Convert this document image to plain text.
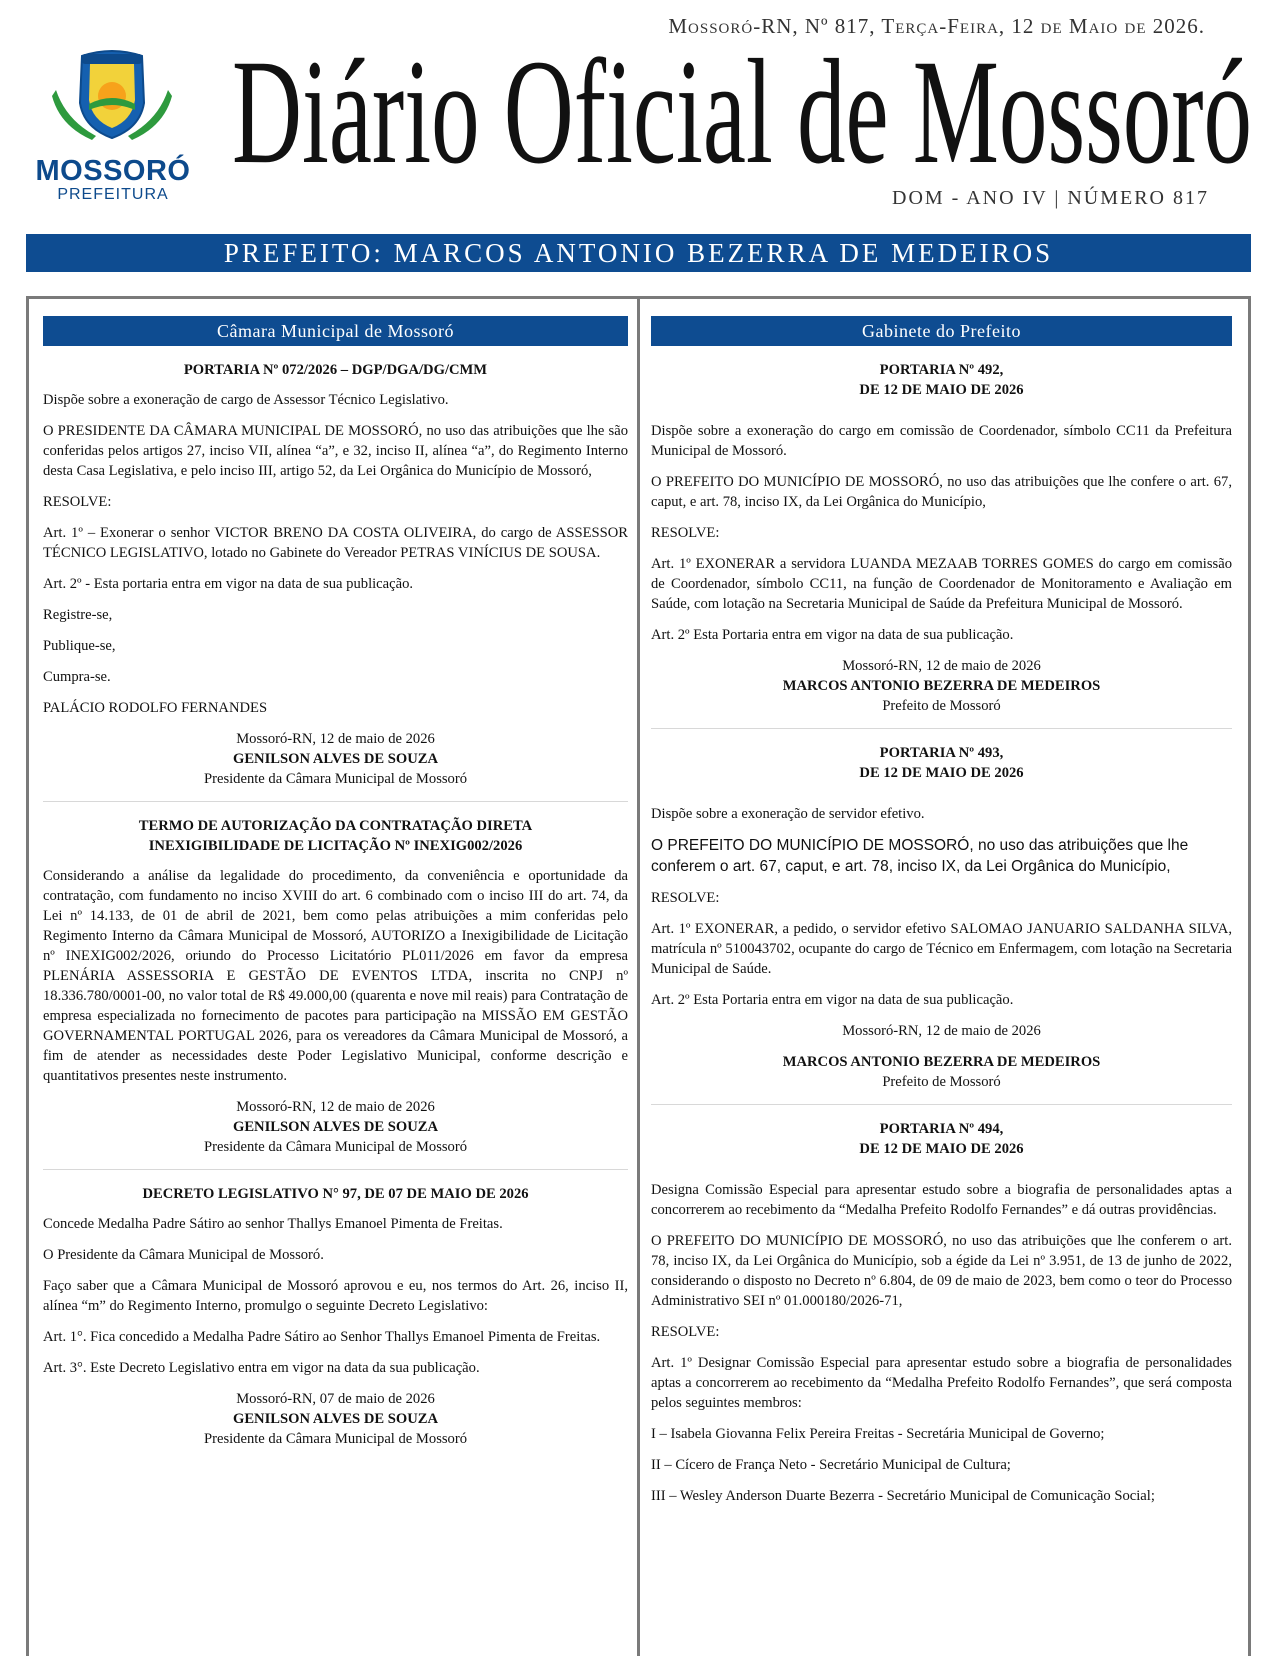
Mossoró-RN, Nº 817, Terça-Feira, 12 de Maio de 2026.
MOSSORÓ
PREFEITURA Diário Oficial de Mossoró
DOM - ANO IV | NÚMERO 817
PREFEITO: MARCOS ANTONIO BEZERRA DE MEDEIROS
Câmara Municipal de Mossoró

PORTARIA Nº 072/2026 – DGP/DGA/DG/CMM

Dispõe sobre a exoneração de cargo de Assessor Técnico Legislativo.

O PRESIDENTE DA CÂMARA MUNICIPAL DE MOSSORÓ, no uso das atribuições que lhe são conferidas pelos artigos 27, inciso VII, alínea “a”, e 32, inciso II, alínea “a”, do Regimento Interno desta Casa Legislativa, e pelo inciso III, artigo 52, da Lei Orgânica do Município de Mossoró,

RESOLVE:

Art. 1º – Exonerar o senhor VICTOR BRENO DA COSTA OLIVEIRA, do cargo de ASSESSOR TÉCNICO LEGISLATIVO, lotado no Gabinete do Vereador PETRAS VINÍCIUS DE SOUSA.

Art. 2º - Esta portaria entra em vigor na data de sua publicação.

Registre-se,

Publique-se,

Cumpra-se.

PALÁCIO RODOLFO FERNANDES

Mossoró-RN, 12 de maio de 2026

GENILSON ALVES DE SOUZA

Presidente da Câmara Municipal de Mossoró

TERMO DE AUTORIZAÇÃO DA CONTRATAÇÃO DIRETA

INEXIGIBILIDADE DE LICITAÇÃO Nº INEXIG002/2026

Considerando a análise da legalidade do procedimento, da conveniência e oportunidade da contratação, com fundamento no inciso XVIII do art. 6 combinado com o inciso III do art. 74, da Lei nº 14.133, de 01 de abril de 2021, bem como pelas atribuições a mim conferidas pelo Regimento Interno da Câmara Municipal de Mossoró, AUTORIZO a Inexigibilidade de Licitação nº INEXIG002/2026, oriundo do Processo Licitatório PL011/2026 em favor da empresa PLENÁRIA ASSESSORIA E GESTÃO DE EVENTOS LTDA, inscrita no CNPJ nº 18.336.780/0001-00, no valor total de R$ 49.000,00 (quarenta e nove mil reais) para Contratação de empresa especializada no fornecimento de pacotes para participação na MISSÃO EM GESTÃO GOVERNAMENTAL PORTUGAL 2026, para os vereadores da Câmara Municipal de Mossoró, a fim de atender as necessidades deste Poder Legislativo Municipal, conforme descrição e quantitativos presentes neste instrumento.

Mossoró-RN, 12 de maio de 2026

GENILSON ALVES DE SOUZA

Presidente da Câmara Municipal de Mossoró

DECRETO LEGISLATIVO N° 97, DE 07 DE MAIO DE 2026

Concede Medalha Padre Sátiro ao senhor Thallys Emanoel Pimenta de Freitas.

O Presidente da Câmara Municipal de Mossoró.

Faço saber que a Câmara Municipal de Mossoró aprovou e eu, nos termos do Art. 26, inciso II, alínea “m” do Regimento Interno, promulgo o seguinte Decreto Legislativo:

Art. 1°. Fica concedido a Medalha Padre Sátiro ao Senhor Thallys Emanoel Pimenta de Freitas.

Art. 3°. Este Decreto Legislativo entra em vigor na data da sua publicação.

Mossoró-RN, 07 de maio de 2026

GENILSON ALVES DE SOUZA

Presidente da Câmara Municipal de Mossoró

Gabinete do Prefeito

PORTARIA Nº 492,

DE 12 DE MAIO DE 2026

Dispõe sobre a exoneração do cargo em comissão de Coordenador, símbolo CC11 da Prefeitura Municipal de Mossoró.

O PREFEITO DO MUNICÍPIO DE MOSSORÓ, no uso das atribuições que lhe confere o art. 67, caput, e art. 78, inciso IX, da Lei Orgânica do Município,

RESOLVE:

Art. 1º EXONERAR a servidora LUANDA MEZAAB TORRES GOMES do cargo em comissão de Coordenador, símbolo CC11, na função de Coordenador de Monitoramento e Avaliação em Saúde, com lotação na Secretaria Municipal de Saúde da Prefeitura Municipal de Mossoró.

Art. 2º Esta Portaria entra em vigor na data de sua publicação.

Mossoró-RN, 12 de maio de 2026

MARCOS ANTONIO BEZERRA DE MEDEIROS

Prefeito de Mossoró

PORTARIA Nº 493,

DE 12 DE MAIO DE 2026

Dispõe sobre a exoneração de servidor efetivo.

O PREFEITO DO MUNICÍPIO DE MOSSORÓ, no uso das atribuições que lhe conferem o art. 67, caput, e art. 78, inciso IX, da Lei Orgânica do Município,

RESOLVE:

Art. 1º EXONERAR, a pedido, o servidor efetivo SALOMAO JANUARIO SALDANHA SILVA, matrícula nº 510043702, ocupante do cargo de Técnico em Enfermagem, com lotação na Secretaria Municipal de Saúde.

Art. 2º Esta Portaria entra em vigor na data de sua publicação.

Mossoró-RN, 12 de maio de 2026

MARCOS ANTONIO BEZERRA DE MEDEIROS

Prefeito de Mossoró

PORTARIA Nº 494,

DE 12 DE MAIO DE 2026

Designa Comissão Especial para apresentar estudo sobre a biografia de personalidades aptas a concorrerem ao recebimento da “Medalha Prefeito Rodolfo Fernandes” e dá outras providências.

O PREFEITO DO MUNICÍPIO DE MOSSORÓ, no uso das atribuições que lhe conferem o art. 78, inciso IX, da Lei Orgânica do Município, sob a égide da Lei nº 3.951, de 13 de junho de 2022, considerando o disposto no Decreto nº 6.804, de 09 de maio de 2023, bem como o teor do Processo Administrativo SEI nº 01.000180/2026-71,

RESOLVE:

Art. 1º Designar Comissão Especial para apresentar estudo sobre a biografia de personalidades aptas a concorrerem ao recebimento da “Medalha Prefeito Rodolfo Fernandes”, que será composta pelos seguintes membros:

I – Isabela Giovanna Felix Pereira Freitas - Secretária Municipal de Governo;

II – Cícero de França Neto - Secretário Municipal de Cultura;

III – Wesley Anderson Duarte Bezerra - Secretário Municipal de Comunicação Social;
